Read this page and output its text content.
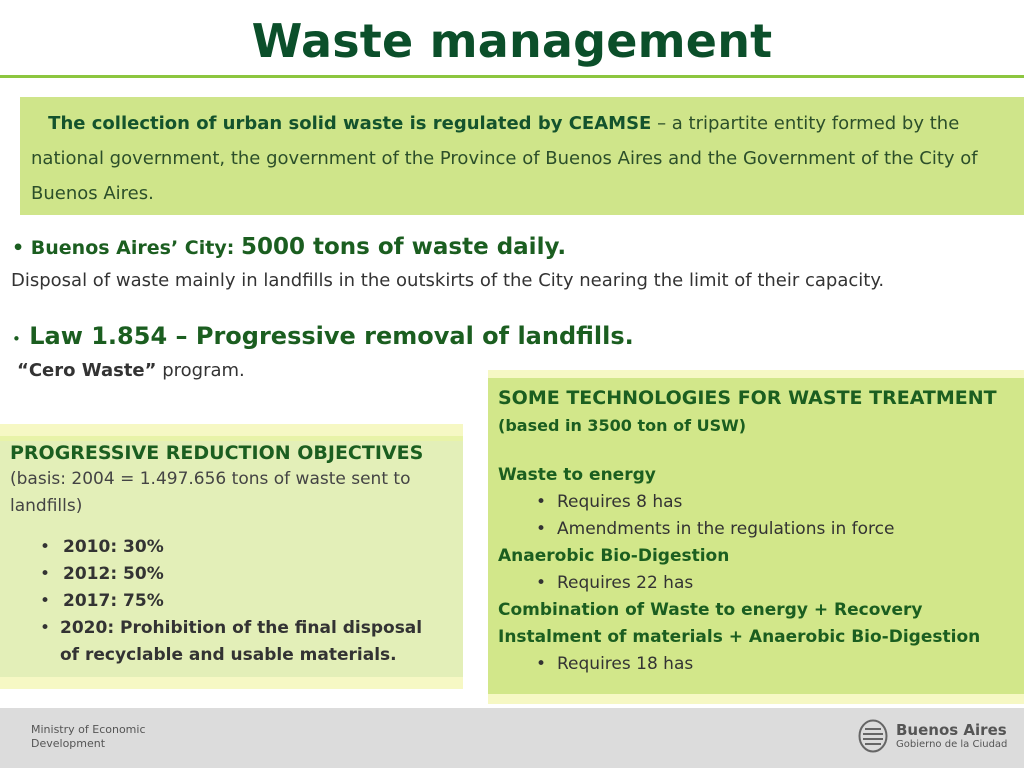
Waste management
The collection of urban solid waste is regulated by CEAMSE – a tripartite entity formed by the national government, the government of the Province of Buenos Aires and the Government of the City of Buenos Aires.
• Buenos Aires’ City: 5000 tons of waste daily.
Disposal of waste mainly in landfills in the outskirts of the City nearing the limit of their capacity.
• Law 1.854 – Progressive removal of landfills.
“Cero Waste” program.
PROGRESSIVE REDUCTION OBJECTIVES
(basis: 2004 = 1.497.656 tons of waste sent to landfills)
• 2010: 30%
• 2012: 50%
• 2017: 75%
• 2020: Prohibition of the final disposal of recyclable and usable materials.
SOME TECHNOLOGIES FOR WASTE TREATMENT
(based in 3500 ton of USW)
Waste to energy
• Requires 8 has
• Amendments in the regulations in force
Anaerobic Bio-Digestion
• Requires 22 has
Combination of Waste to energy + Recovery
Instalment of materials + Anaerobic Bio-Digestion
• Requires 18 has
Ministry of Economic
Development
Buenos Aires
Gobierno de la Ciudad
